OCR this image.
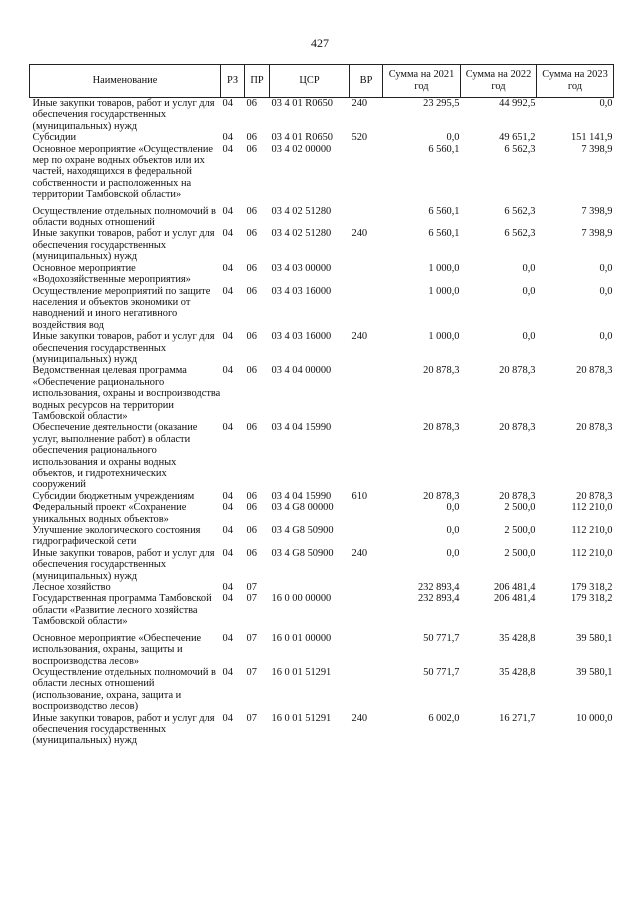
427
Наименование	РЗ	ПР	ЦСР	ВР	Сумма на 2021 год	Сумма на 2022 год	Сумма на 2023 год
Иные закупки товаров, работ и услуг для обеспечения государственных (муниципальных) нужд	04	06	03 4 01 R0650	240	23 295,5	44 992,5	0,0
Субсидии	04	06	03 4 01 R0650	520	0,0	49 651,2	151 141,9
Основное мероприятие «Осуществление мер по охране водных объектов или их частей, находящихся в федеральной собственности и расположенных на территории Тамбовской области»	04	06	03 4 02 00000		6 560,1	6 562,3	7 398,9
Осуществление отдельных полномочий в области водных отношений	04	06	03 4 02 51280		6 560,1	6 562,3	7 398,9
Иные закупки товаров, работ и услуг для обеспечения государственных (муниципальных) нужд	04	06	03 4 02 51280	240	6 560,1	6 562,3	7 398,9
Основное мероприятие «Водохозяйственные мероприятия»	04	06	03 4 03 00000		1 000,0	0,0	0,0
Осуществление мероприятий по защите населения и объектов экономики от наводнений и иного негативного воздействия вод	04	06	03 4 03 16000		1 000,0	0,0	0,0
Иные закупки товаров, работ и услуг для обеспечения государственных (муниципальных) нужд	04	06	03 4 03 16000	240	1 000,0	0,0	0,0
Ведомственная целевая программа «Обеспечение рационального использования, охраны и воспроизводства водных ресурсов на территории Тамбовской области»	04	06	03 4 04 00000		20 878,3	20 878,3	20 878,3
Обеспечение деятельности (оказание услуг, выполнение работ) в области обеспечения рационального использования и охраны водных объектов, и гидротехнических сооружений	04	06	03 4 04 15990		20 878,3	20 878,3	20 878,3
Субсидии бюджетным учреждениям	04	06	03 4 04 15990	610	20 878,3	20 878,3	20 878,3
Федеральный проект «Сохранение уникальных водных объектов»	04	06	03 4 G8 00000		0,0	2 500,0	112 210,0
Улучшение экологического состояния гидрографической сети	04	06	03 4 G8 50900		0,0	2 500,0	112 210,0
Иные закупки товаров, работ и услуг для обеспечения государственных (муниципальных) нужд	04	06	03 4 G8 50900	240	0,0	2 500,0	112 210,0
Лесное хозяйство	04	07			232 893,4	206 481,4	179 318,2
Государственная программа Тамбовской области «Развитие лесного хозяйства Тамбовской области»	04	07	16 0 00 00000		232 893,4	206 481,4	179 318,2
Основное мероприятие «Обеспечение использования, охраны, защиты и воспроизводства лесов»	04	07	16 0 01 00000		50 771,7	35 428,8	39 580,1
Осуществление отдельных полномочий в области лесных отношений (использование, охрана, защита и воспроизводство лесов)	04	07	16 0 01 51291		50 771,7	35 428,8	39 580,1
Иные закупки товаров, работ и услуг для обеспечения государственных (муниципальных) нужд	04	07	16 0 01 51291	240	6 002,0	16 271,7	10 000,0
